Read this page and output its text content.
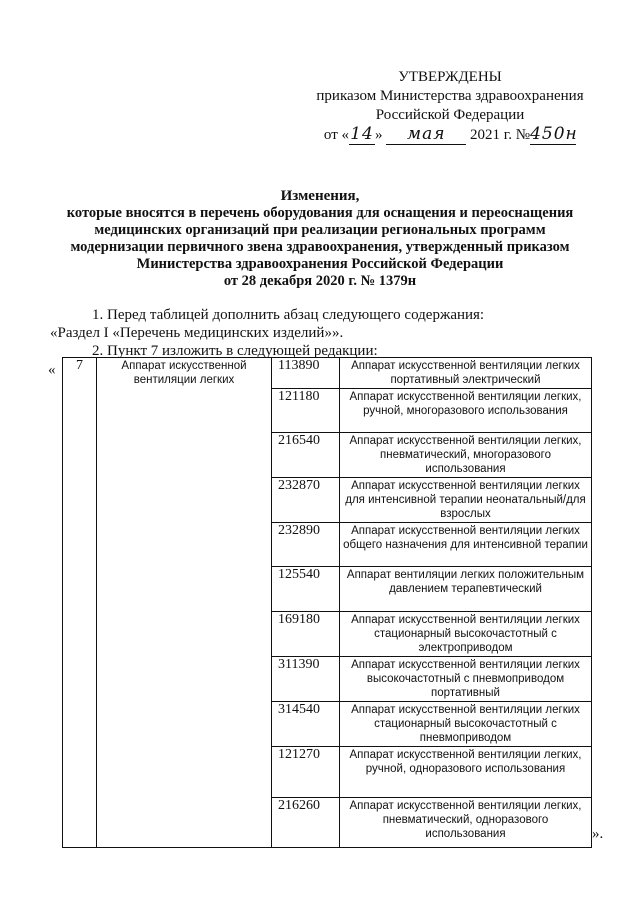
УТВЕРЖДЕНЫ
приказом Министерства здравоохранения
Российской Федерации
от «14» мая 2021 г. №450н
Изменения,
которые вносятся в перечень оборудования для оснащения и переоснащения
медицинских организаций при реализации региональных программ
модернизации первичного звена здравоохранения, утвержденный приказом
Министерства здравоохранения Российской Федерации
от 28 декабря 2020 г. № 1379н
1. Перед таблицей дополнить абзац следующего содержания:
«Раздел I «Перечень медицинских изделий»».
2. Пункт 7 изложить в следующей редакции:
« 7	Аппарат искусственной вентиляции легких	113890	Аппарат искусственной вентиляции легких портативный электрический
		121180	Аппарат искусственной вентиляции легких, ручной, многоразового использования
		216540	Аппарат искусственной вентиляции легких, пневматический, многоразового использования
		232870	Аппарат искусственной вентиляции легких для интенсивной терапии неонатальный/для взрослых
		232890	Аппарат искусственной вентиляции легких общего назначения для интенсивной терапии
		125540	Аппарат вентиляции легких положительным давлением терапевтический
		169180	Аппарат искусственной вентиляции легких стационарный высокочастотный с электроприводом
		311390	Аппарат искусственной вентиляции легких высокочастотный с пневмоприводом портативный
		314540	Аппарат искусственной вентиляции легких стационарный высокочастотный с пневмоприводом
		121270	Аппарат искусственной вентиляции легких, ручной, одноразового использования
		216260	Аппарат искусственной вентиляции легких, пневматический, одноразового использования	».
